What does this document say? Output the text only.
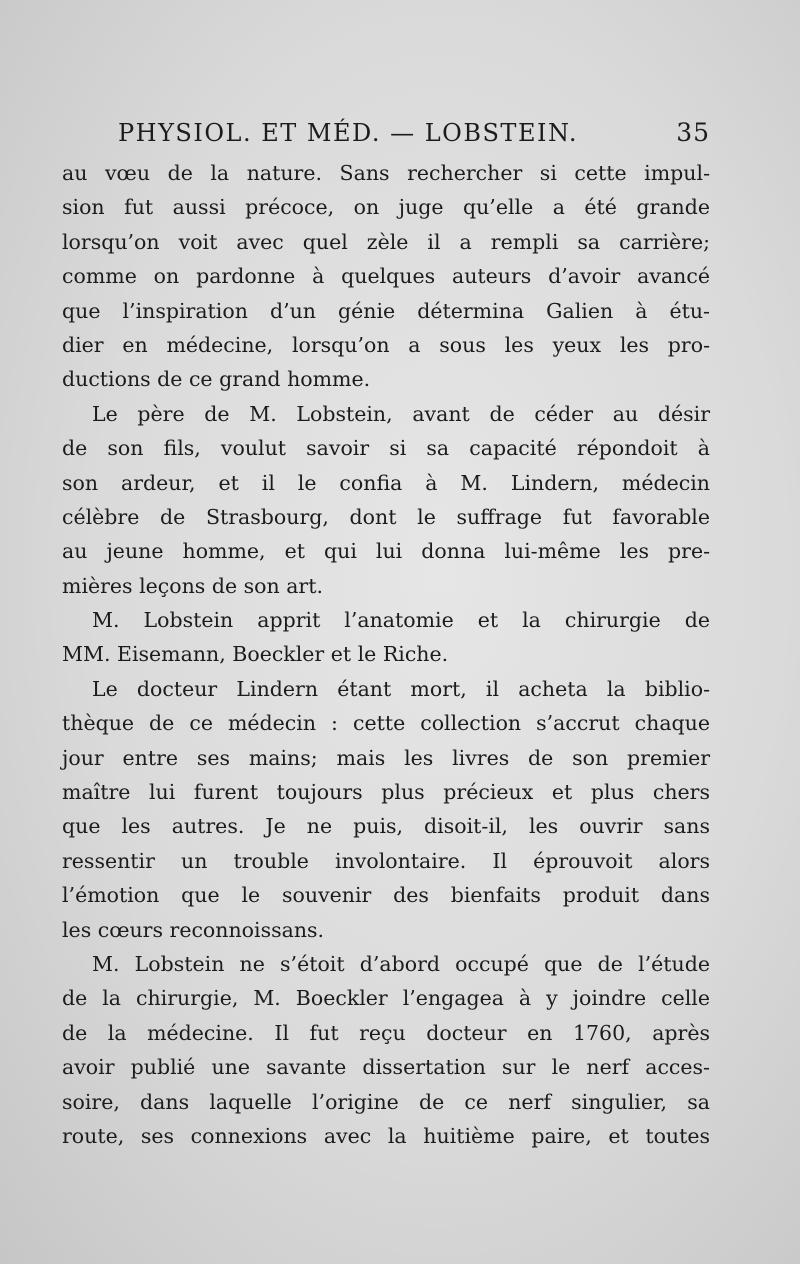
PHYSIOL. ET MÉD. — LOBSTEIN.	35
au vœu de la nature. Sans rechercher si cette impul-
sion fut aussi précoce, on juge qu’elle a été grande
lorsqu’on voit avec quel zèle il a rempli sa carrière;
comme on pardonne à quelques auteurs d’avoir avancé
que l’inspiration d’un génie détermina Galien à étu-
dier en médecine, lorsqu’on a sous les yeux les pro-
ductions de ce grand homme.
Le père de M. Lobstein, avant de céder au désir
de son fils, voulut savoir si sa capacité répondoit à
son ardeur, et il le confia à M. Lindern, médecin
célèbre de Strasbourg, dont le suffrage fut favorable
au jeune homme, et qui lui donna lui-même les pre-
mières leçons de son art.
M. Lobstein apprit l’anatomie et la chirurgie de
MM. Eisemann, Boeckler et le Riche.
Le docteur Lindern étant mort, il acheta la biblio-
thèque de ce médecin : cette collection s’accrut chaque
jour entre ses mains; mais les livres de son premier
maître lui furent toujours plus précieux et plus chers
que les autres. Je ne puis, disoit-il, les ouvrir sans
ressentir un trouble involontaire. Il éprouvoit alors
l’émotion que le souvenir des bienfaits produit dans
les cœurs reconnoissans.
M. Lobstein ne s’étoit d’abord occupé que de l’étude
de la chirurgie, M. Boeckler l’engagea à y joindre celle
de la médecine. Il fut reçu docteur en 1760, après
avoir publié une savante dissertation sur le nerf acces-
soire, dans laquelle l’origine de ce nerf singulier, sa
route, ses connexions avec la huitième paire, et toutes
